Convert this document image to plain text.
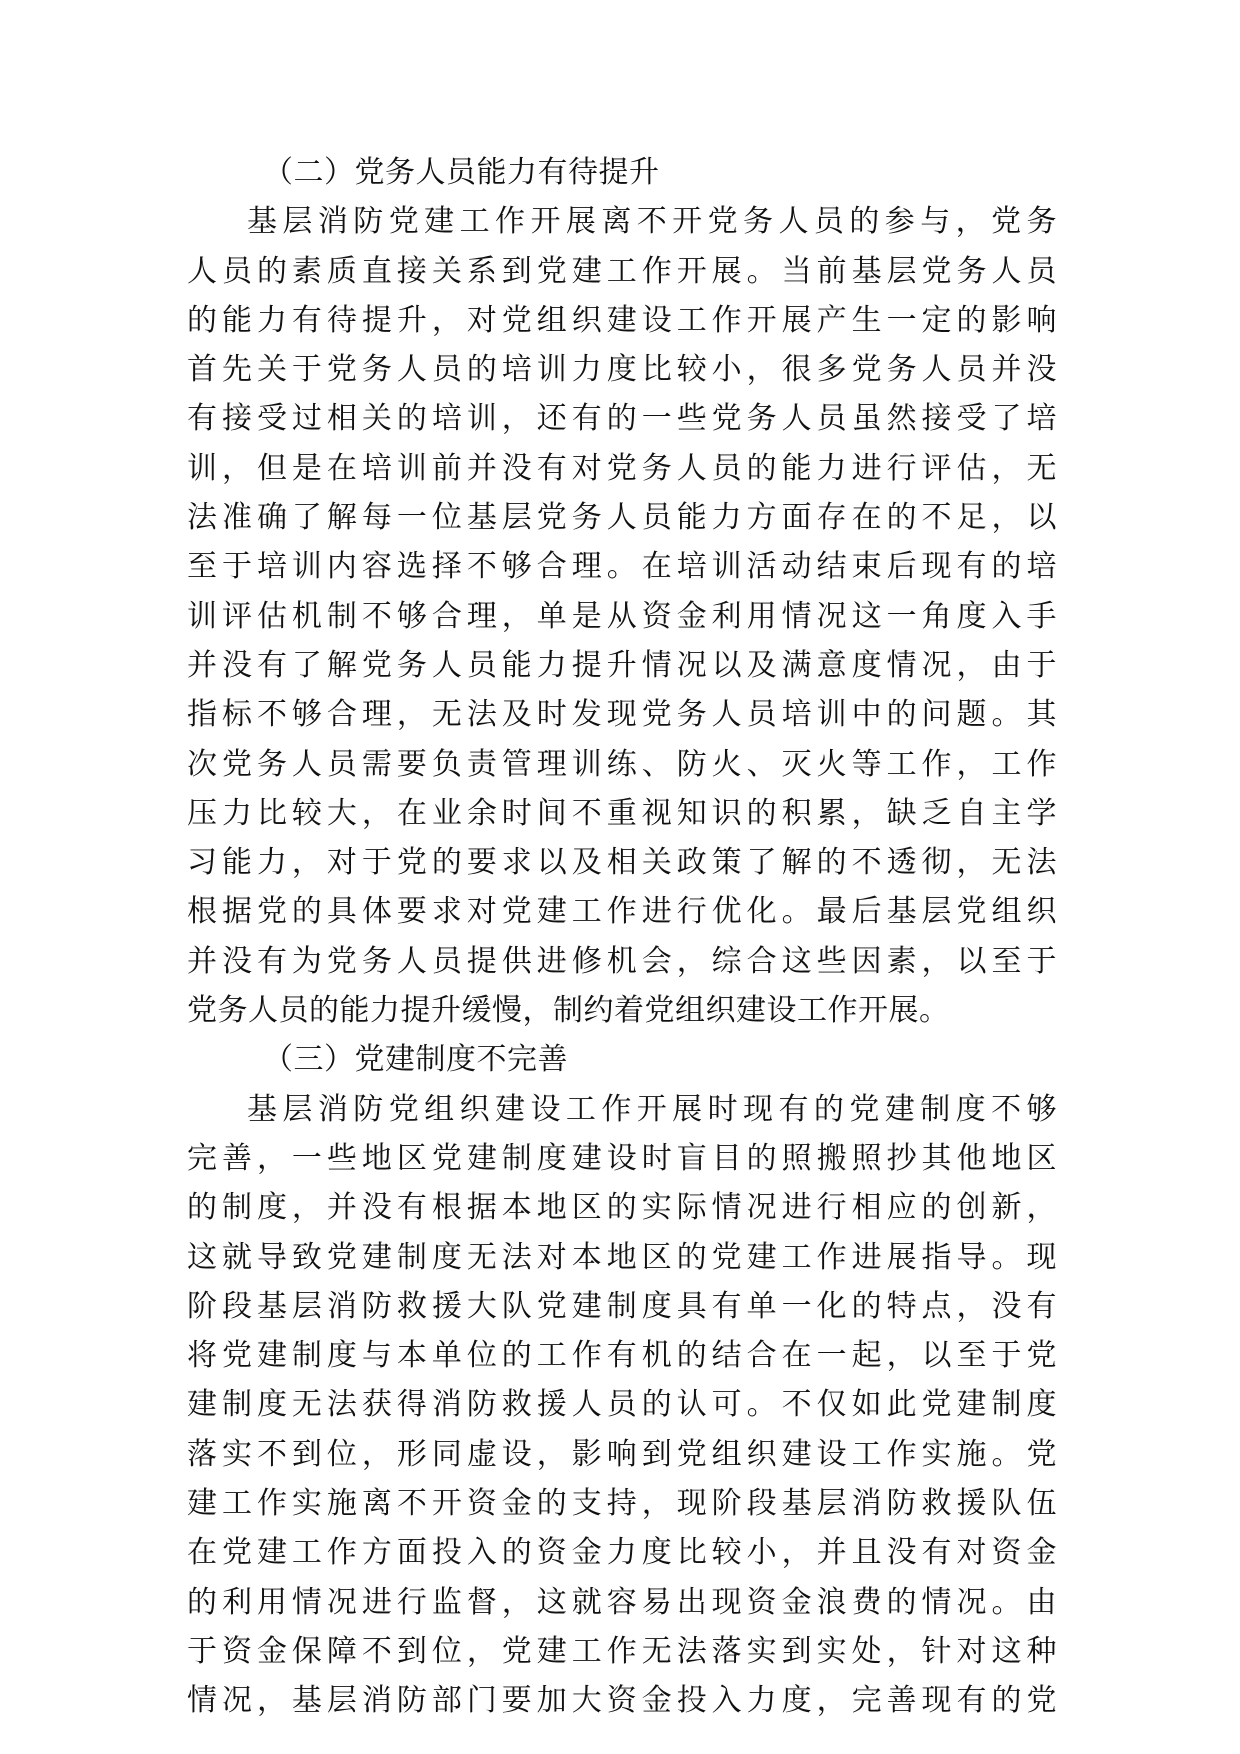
（二）党务人员能力有待提升
基层消防党建工作开展离不开党务人员的参与，党务
人员的素质直接关系到党建工作开展。当前基层党务人员
的能力有待提升，对党组织建设工作开展产生一定的影响
首先关于党务人员的培训力度比较小，很多党务人员并没
有接受过相关的培训，还有的一些党务人员虽然接受了培
训，但是在培训前并没有对党务人员的能力进行评估，无
法准确了解每一位基层党务人员能力方面存在的不足，以
至于培训内容选择不够合理。在培训活动结束后现有的培
训评估机制不够合理，单是从资金利用情况这一角度入手
并没有了解党务人员能力提升情况以及满意度情况，由于
指标不够合理，无法及时发现党务人员培训中的问题。其
次党务人员需要负责管理训练、防火、灭火等工作，工作
压力比较大，在业余时间不重视知识的积累，缺乏自主学
习能力，对于党的要求以及相关政策了解的不透彻，无法
根据党的具体要求对党建工作进行优化。最后基层党组织
并没有为党务人员提供进修机会，综合这些因素，以至于
党务人员的能力提升缓慢，制约着党组织建设工作开展。
（三）党建制度不完善
基层消防党组织建设工作开展时现有的党建制度不够
完善，一些地区党建制度建设时盲目的照搬照抄其他地区
的制度，并没有根据本地区的实际情况进行相应的创新，
这就导致党建制度无法对本地区的党建工作进展指导。现
阶段基层消防救援大队党建制度具有单一化的特点，没有
将党建制度与本单位的工作有机的结合在一起，以至于党
建制度无法获得消防救援人员的认可。不仅如此党建制度
落实不到位，形同虚设，影响到党组织建设工作实施。党
建工作实施离不开资金的支持，现阶段基层消防救援队伍
在党建工作方面投入的资金力度比较小，并且没有对资金
的利用情况进行监督，这就容易出现资金浪费的情况。由
于资金保障不到位，党建工作无法落实到实处，针对这种
情况，基层消防部门要加大资金投入力度，完善现有的党
